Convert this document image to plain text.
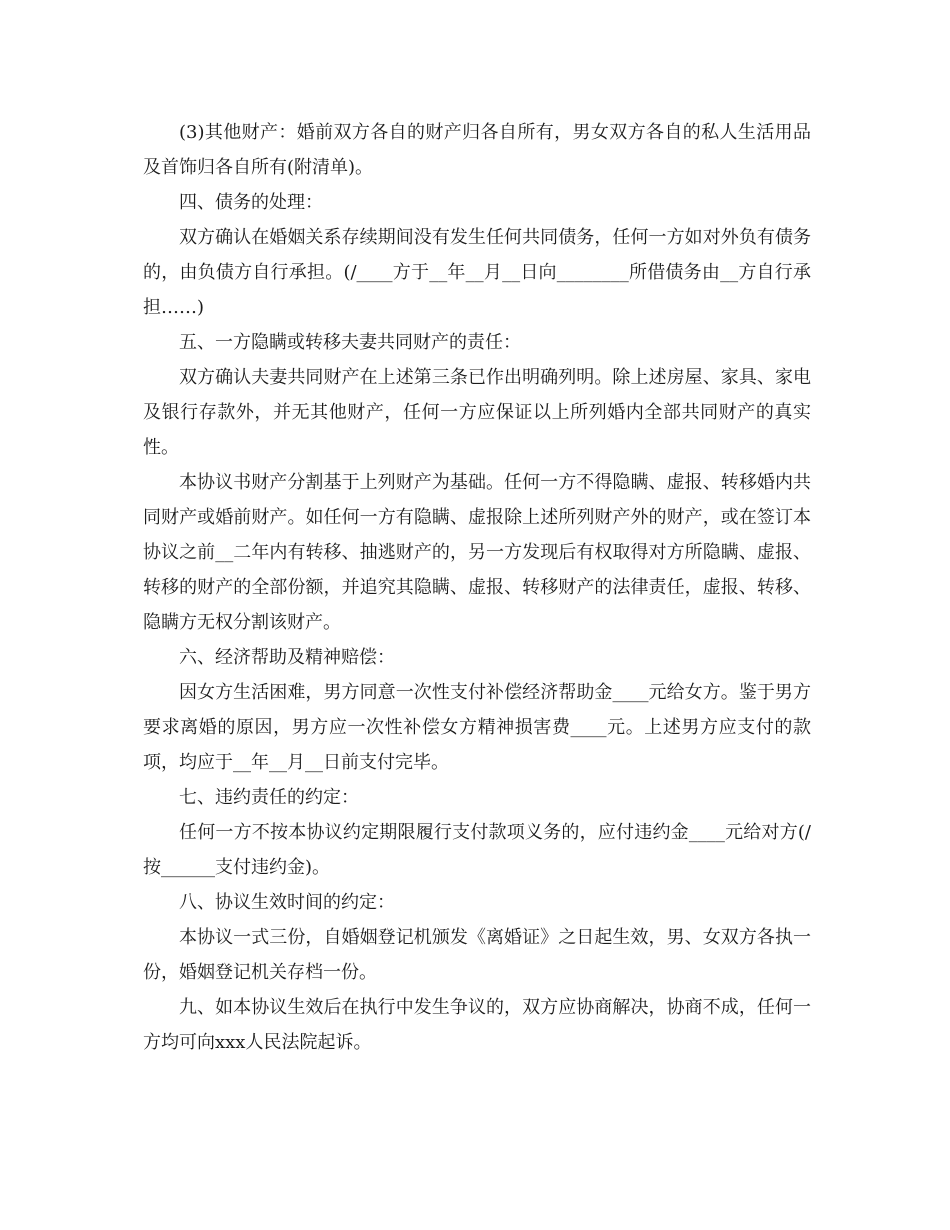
(3)其他财产：婚前双方各自的财产归各自所有，男女双方各自的私人生活用品及首饰归各自所有(附清单)。

四、债务的处理：

双方确认在婚姻关系存续期间没有发生任何共同债务，任何一方如对外负有债务的，由负债方自行承担。(/____方于__年__月__日向________所借债务由__方自行承担……)

五、一方隐瞒或转移夫妻共同财产的责任：

双方确认夫妻共同财产在上述第三条已作出明确列明。除上述房屋、家具、家电及银行存款外，并无其他财产，任何一方应保证以上所列婚内全部共同财产的真实性。

本协议书财产分割基于上列财产为基础。任何一方不得隐瞒、虚报、转移婚内共同财产或婚前财产。如任何一方有隐瞒、虚报除上述所列财产外的财产，或在签订本协议之前__二年内有转移、抽逃财产的，另一方发现后有权取得对方所隐瞒、虚报、转移的财产的全部份额，并追究其隐瞒、虚报、转移财产的法律责任，虚报、转移、隐瞒方无权分割该财产。

六、经济帮助及精神赔偿：

因女方生活困难，男方同意一次性支付补偿经济帮助金____元给女方。鉴于男方要求离婚的原因，男方应一次性补偿女方精神损害费____元。上述男方应支付的款项，均应于__年__月__日前支付完毕。

七、违约责任的约定：

任何一方不按本协议约定期限履行支付款项义务的，应付违约金____元给对方(/按______支付违约金)。

八、协议生效时间的约定：

本协议一式三份，自婚姻登记机颁发《离婚证》之日起生效，男、女双方各执一份，婚姻登记机关存档一份。

九、如本协议生效后在执行中发生争议的，双方应协商解决，协商不成，任何一方均可向xxx人民法院起诉。
